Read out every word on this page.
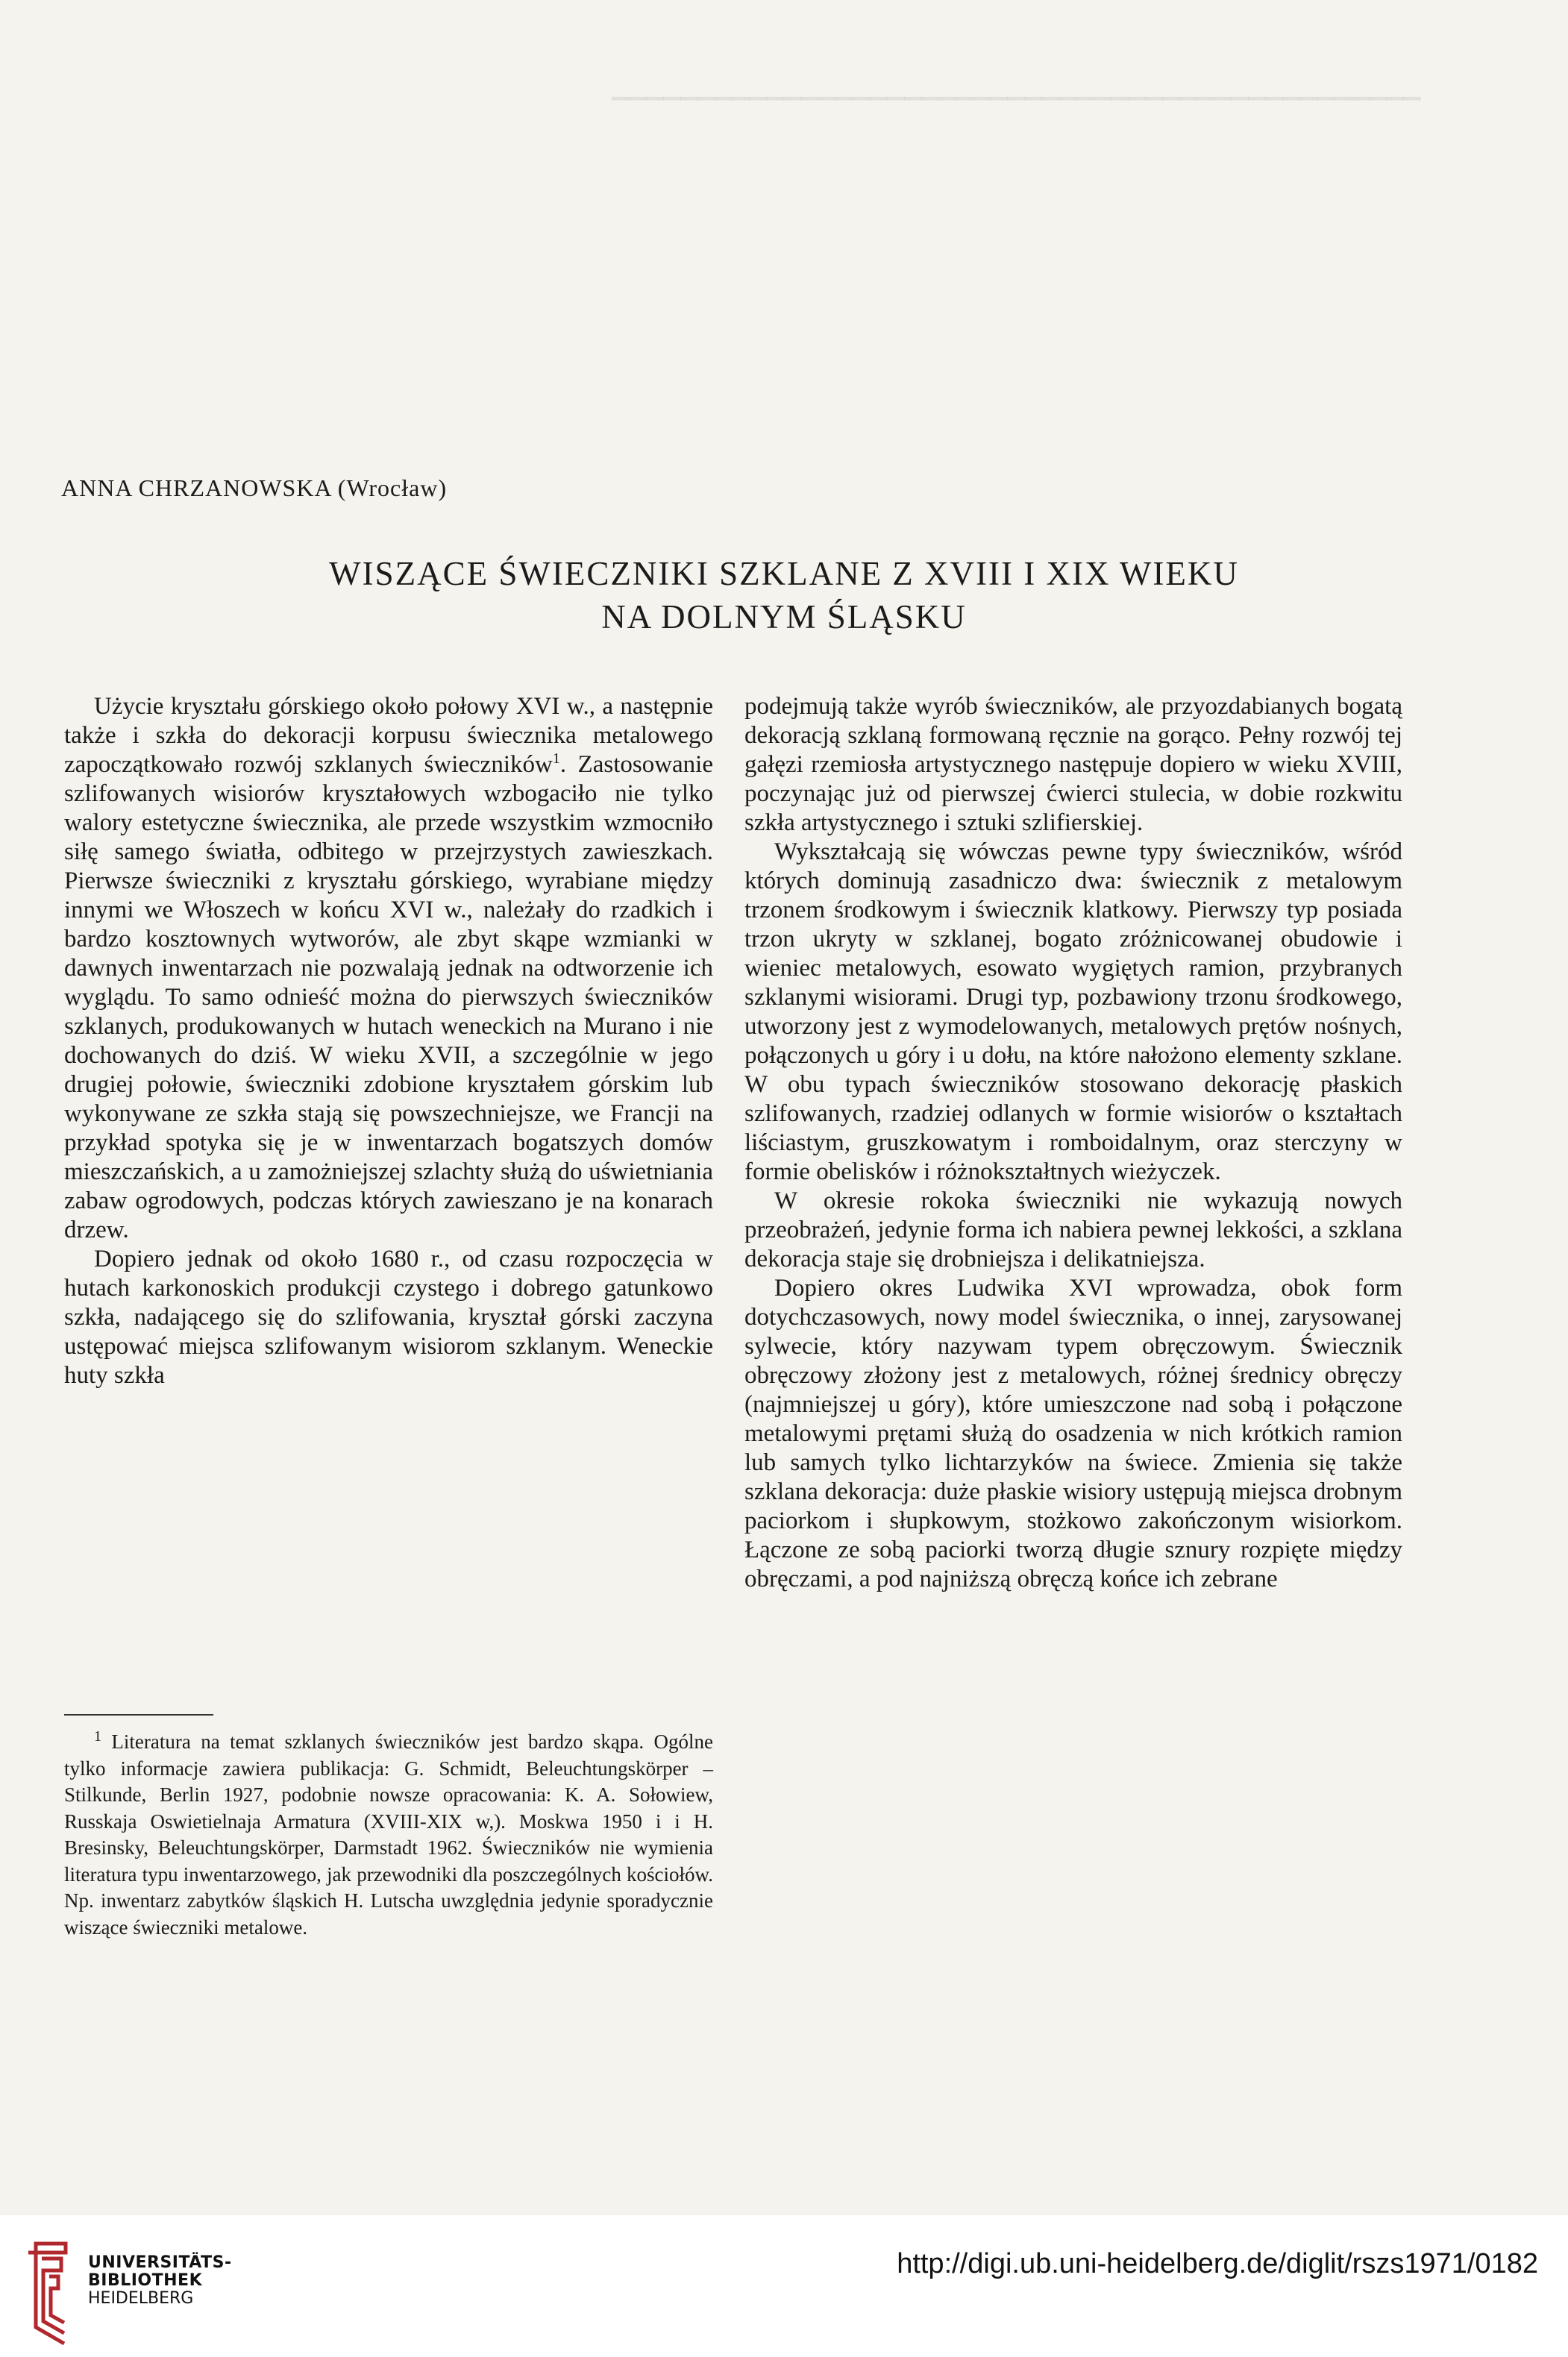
ANNA CHRZANOWSKA (Wrocław)
WISZĄCE ŚWIECZNIKI SZKLANE Z XVIII I XIX WIEKU
NA DOLNYM ŚLĄSKU

Użycie kryształu górskiego około połowy XVI w., a następnie także i szkła do dekoracji korpusu świecznika metalowego zapoczątkowało rozwój szklanych świeczników$^1$. Zastosowanie szlifowanych wisiorów kryształowych wzbogaciło nie tylko walory estetyczne świecznika, ale przede wszystkim wzmocniło siłę samego światła, odbitego w przejrzystych zawieszkach. Pierwsze świeczniki z kryształu górskiego, wyrabiane między innymi we Włoszech w końcu XVI w., należały do rzadkich i bardzo kosztownych wytworów, ale zbyt skąpe wzmianki w dawnych inwentarzach nie pozwalają jednak na odtworzenie ich wyglądu. To samo odnieść można do pierwszych świeczników szklanych, produkowanych w hutach weneckich na Murano i nie dochowanych do dziś. W wieku XVII, a szczególnie w jego drugiej połowie, świeczniki zdobione kryształem górskim lub wykonywane ze szkła stają się powszechniejsze, we Francji na przykład spotyka się je w inwentarzach bogatszych domów mieszczańskich, a u zamożniejszej szlachty służą do uświetniania zabaw ogrodowych, podczas których zawieszano je na konarach drzew.

Dopiero jednak od około 1680 r., od czasu rozpoczęcia w hutach karkonoskich produkcji czystego i dobrego gatunkowo szkła, nadającego się do szlifowania, kryształ górski zaczyna ustępować miejsca szlifowanym wisiorom szklanym. Weneckie huty szkła

podejmują także wyrób świeczników, ale przyozdabianych bogatą dekoracją szklaną formowaną ręcznie na gorąco. Pełny rozwój tej gałęzi rzemiosła artystycznego następuje dopiero w wieku XVIII, poczynając już od pierwszej ćwierci stulecia, w dobie rozkwitu szkła artystycznego i sztuki szlifierskiej.

Wykształcają się wówczas pewne typy świeczników, wśród których dominują zasadniczo dwa: świecznik z metalowym trzonem środkowym i świecznik klatkowy. Pierwszy typ posiada trzon ukryty w szklanej, bogato zróżnicowanej obudowie i wieniec metalowych, esowato wygiętych ramion, przybranych szklanymi wisiorami. Drugi typ, pozbawiony trzonu środkowego, utworzony jest z wymodelowanych, metalowych prętów nośnych, połączonych u góry i u dołu, na które nałożono elementy szklane. W obu typach świeczników stosowano dekorację płaskich szlifowanych, rzadziej odlanych w formie wisiorów o kształtach liściastym, gruszkowatym i romboidalnym, oraz sterczyny w formie obelisków i różnokształtnych wieżyczek.

W okresie rokoka świeczniki nie wykazują nowych przeobrażeń, jedynie forma ich nabiera pewnej lekkości, a szklana dekoracja staje się drobniejsza i delikatniejsza.

Dopiero okres Ludwika XVI wprowadza, obok form dotychczasowych, nowy model świecznika, o innej, zarysowanej sylwecie, który nazywam typem obręczowym. Świecznik obręczowy złożony jest z metalowych, różnej średnicy obręczy (najmniejszej u góry), które umieszczone nad sobą i połączone metalowymi prętami służą do osadzenia w nich krótkich ramion lub samych tylko lichtarzyków na świece. Zmienia się także szklana dekoracja: duże płaskie wisiory ustępują miejsca drobnym paciorkom i słupkowym, stożkowo zakończonym wisiorkom. Łączone ze sobą paciorki tworzą długie sznury rozpięte między obręczami, a pod najniższą obręczą końce ich zebrane

$^1$ Literatura na temat szklanych świeczników jest bardzo skąpa. Ogólne tylko informacje zawiera publikacja: G. Schmidt, Beleuchtungskörper – Stilkunde, Berlin 1927, podobnie nowsze opracowania: K. A. Sołowiew, Russkaja Oswietielnaja Armatura (XVIII-XIX w,). Moskwa 1950 i i H. Bresinsky, Beleuchtungskörper, Darmstadt 1962. Świeczników nie wymienia literatura typu inwentarzowego, jak przewodniki dla poszczególnych kościołów. Np. inwentarz zabytków śląskich H. Lutscha uwzględnia jedynie sporadycznie wiszące świeczniki metalowe.

UNIVERSITÄTS-
BIBLIOTHEK
HEIDELBERG
http://digi.ub.uni-heidelberg.de/diglit/rszs1971/0182
